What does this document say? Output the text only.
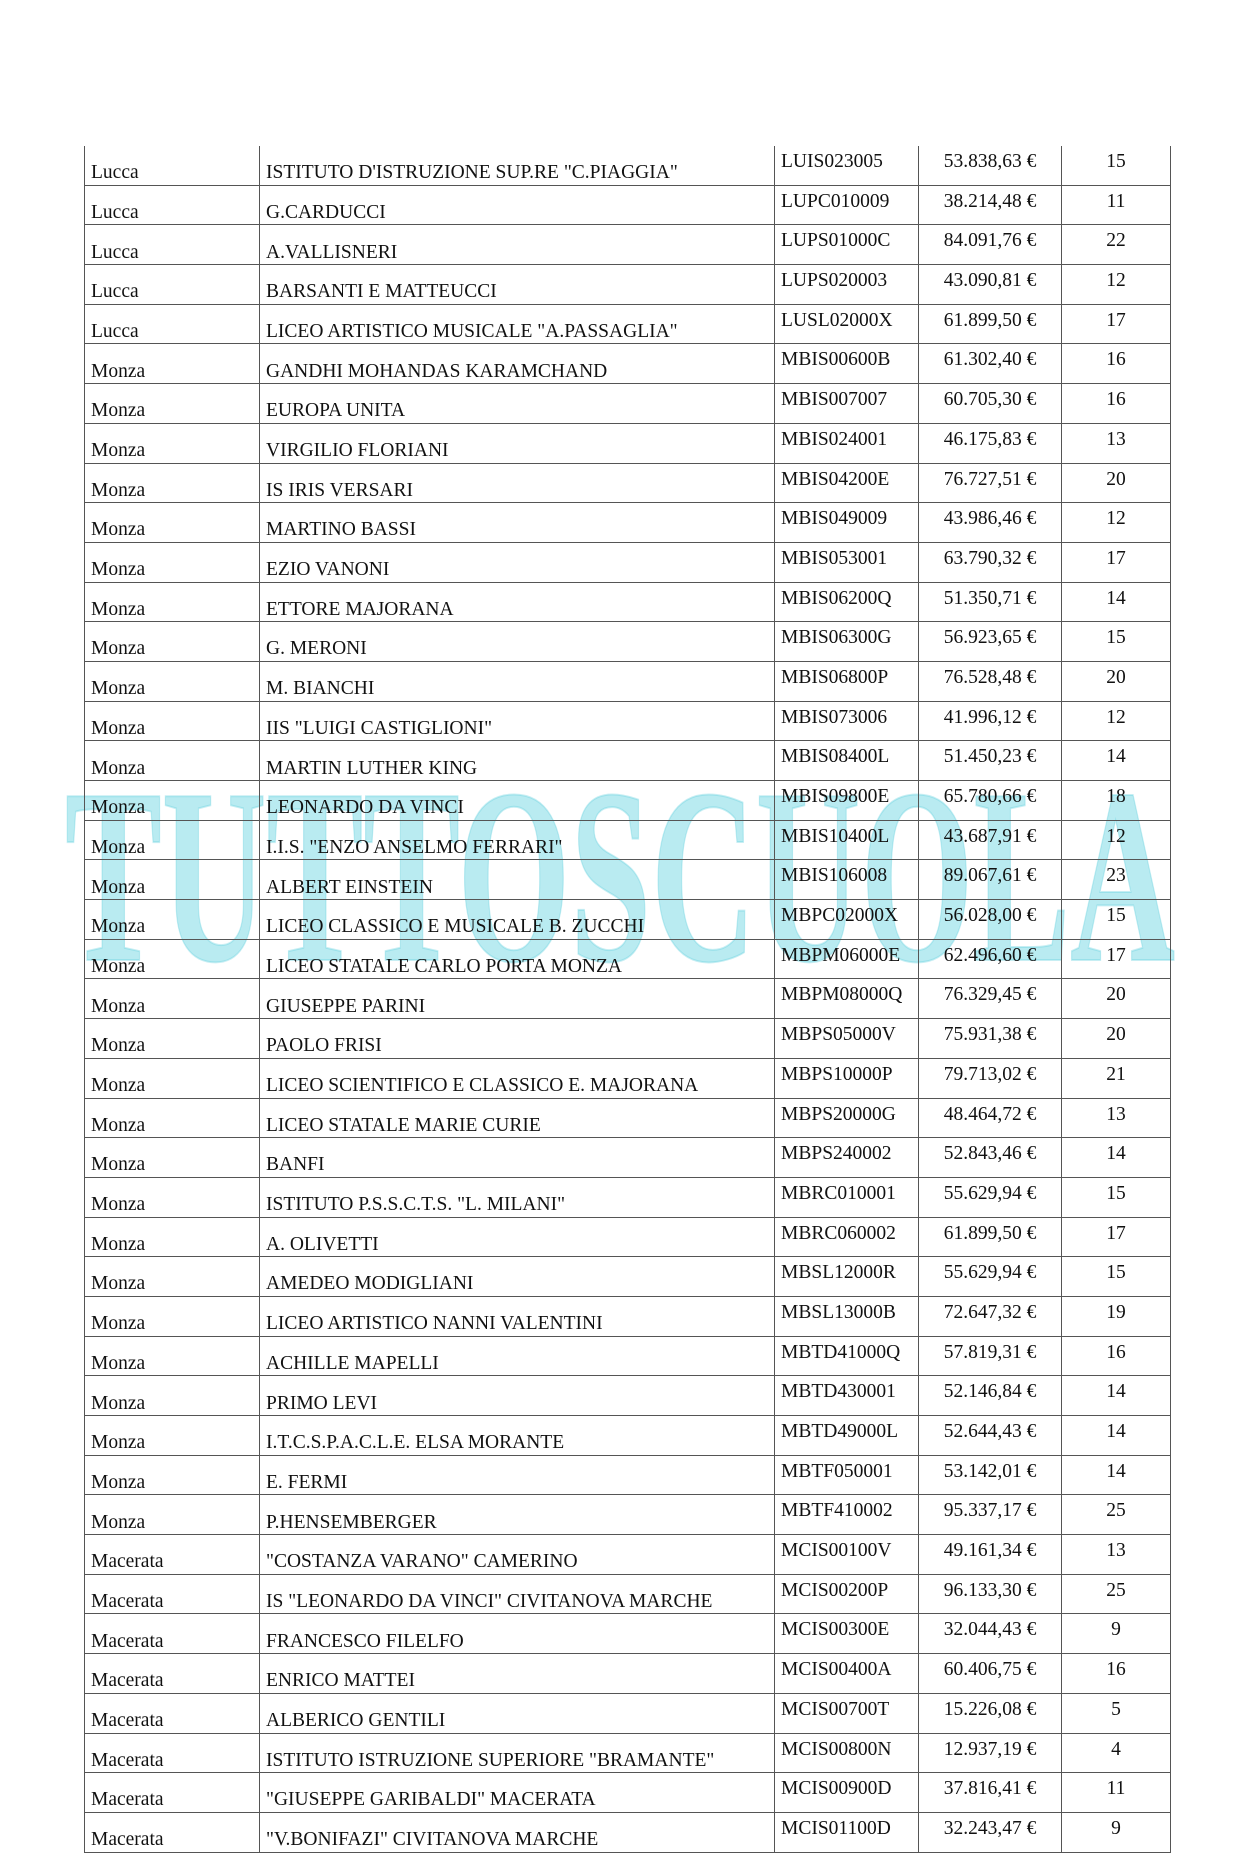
TUTTOSCUOLA
Lucca	ISTITUTO D'ISTRUZIONE SUP.RE "C.PIAGGIA"	LUIS023005	53.838,63 €	15
Lucca	G.CARDUCCI	LUPC010009	38.214,48 €	11
Lucca	A.VALLISNERI	LUPS01000C	84.091,76 €	22
Lucca	BARSANTI E MATTEUCCI	LUPS020003	43.090,81 €	12
Lucca	LICEO ARTISTICO MUSICALE "A.PASSAGLIA"	LUSL02000X	61.899,50 €	17
Monza	GANDHI MOHANDAS KARAMCHAND	MBIS00600B	61.302,40 €	16
Monza	EUROPA UNITA	MBIS007007	60.705,30 €	16
Monza	VIRGILIO FLORIANI	MBIS024001	46.175,83 €	13
Monza	IS IRIS VERSARI	MBIS04200E	76.727,51 €	20
Monza	MARTINO BASSI	MBIS049009	43.986,46 €	12
Monza	EZIO VANONI	MBIS053001	63.790,32 €	17
Monza	ETTORE MAJORANA	MBIS06200Q	51.350,71 €	14
Monza	G. MERONI	MBIS06300G	56.923,65 €	15
Monza	M. BIANCHI	MBIS06800P	76.528,48 €	20
Monza	IIS "LUIGI CASTIGLIONI"	MBIS073006	41.996,12 €	12
Monza	MARTIN LUTHER KING	MBIS08400L	51.450,23 €	14
Monza	LEONARDO DA VINCI	MBIS09800E	65.780,66 €	18
Monza	I.I.S. "ENZO ANSELMO FERRARI"	MBIS10400L	43.687,91 €	12
Monza	ALBERT EINSTEIN	MBIS106008	89.067,61 €	23
Monza	LICEO CLASSICO E MUSICALE B. ZUCCHI	MBPC02000X	56.028,00 €	15
Monza	LICEO STATALE CARLO PORTA MONZA	MBPM06000E	62.496,60 €	17
Monza	GIUSEPPE PARINI	MBPM08000Q	76.329,45 €	20
Monza	PAOLO FRISI	MBPS05000V	75.931,38 €	20
Monza	LICEO SCIENTIFICO E CLASSICO E. MAJORANA	MBPS10000P	79.713,02 €	21
Monza	LICEO STATALE MARIE CURIE	MBPS20000G	48.464,72 €	13
Monza	BANFI	MBPS240002	52.843,46 €	14
Monza	ISTITUTO P.S.S.C.T.S. "L. MILANI"	MBRC010001	55.629,94 €	15
Monza	A. OLIVETTI	MBRC060002	61.899,50 €	17
Monza	AMEDEO MODIGLIANI	MBSL12000R	55.629,94 €	15
Monza	LICEO ARTISTICO NANNI VALENTINI	MBSL13000B	72.647,32 €	19
Monza	ACHILLE MAPELLI	MBTD41000Q	57.819,31 €	16
Monza	PRIMO LEVI	MBTD430001	52.146,84 €	14
Monza	I.T.C.S.P.A.C.L.E. ELSA MORANTE	MBTD49000L	52.644,43 €	14
Monza	E. FERMI	MBTF050001	53.142,01 €	14
Monza	P.HENSEMBERGER	MBTF410002	95.337,17 €	25
Macerata	"COSTANZA VARANO" CAMERINO	MCIS00100V	49.161,34 €	13
Macerata	IS "LEONARDO DA VINCI" CIVITANOVA MARCHE	MCIS00200P	96.133,30 €	25
Macerata	FRANCESCO FILELFO	MCIS00300E	32.044,43 €	9
Macerata	ENRICO MATTEI	MCIS00400A	60.406,75 €	16
Macerata	ALBERICO GENTILI	MCIS00700T	15.226,08 €	5
Macerata	ISTITUTO ISTRUZIONE SUPERIORE "BRAMANTE"	MCIS00800N	12.937,19 €	4
Macerata	"GIUSEPPE GARIBALDI" MACERATA	MCIS00900D	37.816,41 €	11
Macerata	"V.BONIFAZI" CIVITANOVA MARCHE	MCIS01100D	32.243,47 €	9
